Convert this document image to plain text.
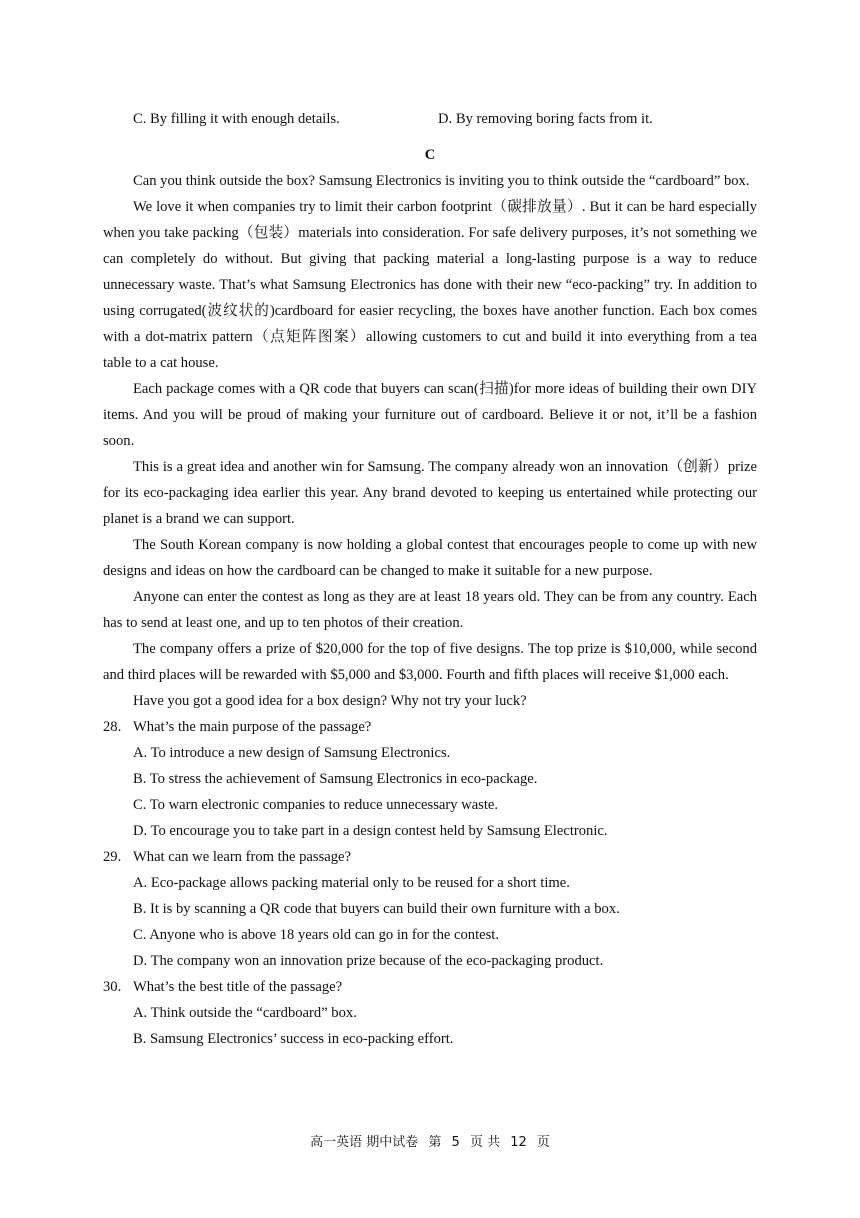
C. By filling it with enough details.	D. By removing boring facts from it.
C

Can you think outside the box? Samsung Electronics is inviting you to think outside the “cardboard” box.

We love it when companies try to limit their carbon footprint（碳排放量）. But it can be hard especially when you take packing（包装）materials into consideration. For safe delivery purposes, it’s not something we can completely do without. But giving that packing material a long-lasting purpose is a way to reduce unnecessary waste. That’s what Samsung Electronics has done with their new “eco-packing” try. In addition to using corrugated(波纹状的)cardboard for easier recycling, the boxes have another function. Each box comes with a dot-matrix pattern（点矩阵图案）allowing customers to cut and build it into everything from a tea table to a cat house.

Each package comes with a QR code that buyers can scan(扫描)for more ideas of building their own DIY items. And you will be proud of making your furniture out of cardboard. Believe it or not, it’ll be a fashion soon.

This is a great idea and another win for Samsung. The company already won an innovation（创新）prize for its eco-packaging idea earlier this year. Any brand devoted to keeping us entertained while protecting our planet is a brand we can support.

The South Korean company is now holding a global contest that encourages people to come up with new designs and ideas on how the cardboard can be changed to make it suitable for a new purpose.

Anyone can enter the contest as long as they are at least 18 years old. They can be from any country. Each has to send at least one, and up to ten photos of their creation.

The company offers a prize of $20,000 for the top of five designs. The top prize is $10,000, while second and third places will be rewarded with $5,000 and $3,000. Fourth and fifth places will receive $1,000 each.

Have you got a good idea for a box design? Why not try your luck?

28. What’s the main purpose of the passage?
A. To introduce a new design of Samsung Electronics.
B. To stress the achievement of Samsung Electronics in eco-package.
C. To warn electronic companies to reduce unnecessary waste.
D. To encourage you to take part in a design contest held by Samsung Electronic.
29. What can we learn from the passage?
A. Eco-package allows packing material only to be reused for a short time.
B. It is by scanning a QR code that buyers can build their own furniture with a box.
C. Anyone who is above 18 years old can go in for the contest.
D. The company won an innovation prize because of the eco-packaging product.
30. What’s the best title of the passage?
A. Think outside the “cardboard” box.
B. Samsung Electronics’ success in eco-packing effort.
高一英语 期中试卷 第 5 页 共 12 页
